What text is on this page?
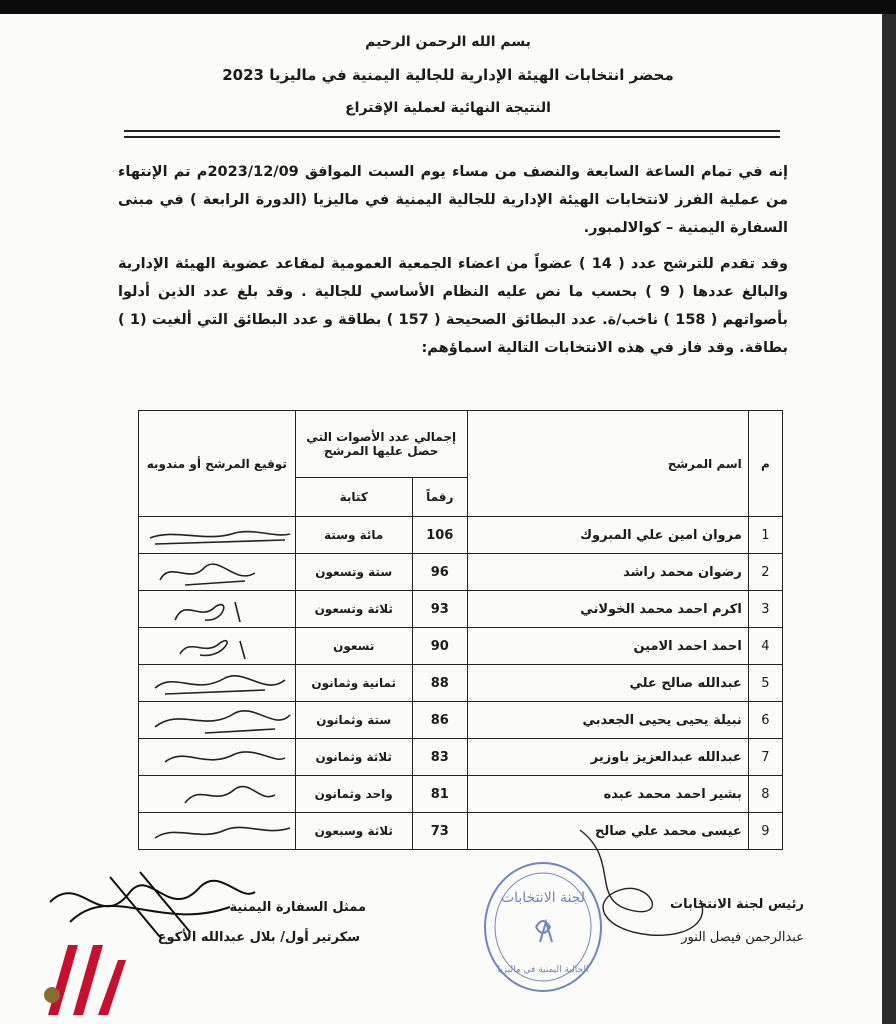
بسم الله الرحمن الرحيم
محضر انتخابات الهيئة الإدارية للجالية اليمنية في ماليزيا 2023
النتيجة النهائية لعملية الإقتراع
إنه في تمام الساعة السابعة والنصف من مساء يوم السبت الموافق 2023/12/09م تم الإنتهاء من عملية الفرز لانتخابات الهيئة الإدارية للجالية اليمنية في ماليزيا (الدورة الرابعة ) في مبنى السفارة اليمنية – كوالالمبور.
وقد تقدم للترشح عدد ( 14 ) عضواً من اعضاء الجمعية العمومية لمقاعد عضوية الهيئة الإدارية والبالغ عددها ( 9 ) بحسب ما نص عليه النظام الأساسي للجالية . وقد بلغ عدد الذين أدلوا بأصواتهم ( 158 ) ناخب/ة. عدد البطائق الصحيحة ( 157 ) بطاقة و عدد البطائق التي ألغيت (1 ) بطاقة. وقد فاز في هذه الانتخابات التالية اسماؤهم:
م	اسم المرشح	إجمالي عدد الأصوات التي حصل عليها المرشح		توقيع المرشح أو مندوبه
		رقماً	كتابة	
1	مروان امين علي المبروك	106	مائة وستة	

2	رضوان محمد راشد	96	ستة وتسعون	

3	اكرم احمد محمد الخولاني	93	ثلاثة وتسعون	

4	احمد احمد الامين	90	تسعون	

5	عبدالله صالح علي	88	ثمانية وثمانون	

6	نبيلة يحيى يحيى الجعدبي	86	ستة وثمانون	

7	عبدالله عبدالعزيز باوزير	83	ثلاثة وثمانون	

8	بشير احمد محمد عبده	81	واحد وثمانون	

9	عيسى محمد علي صالح	73	ثلاثة وسبعون	
رئيس لجنة الانتخابات
عبدالرحمن فيصل النور
لجنة الانتخابات
الجالية اليمنية في ماليزيا
ممثل السفارة اليمنية
سكرتير أول/ بلال عبدالله الأكوع
